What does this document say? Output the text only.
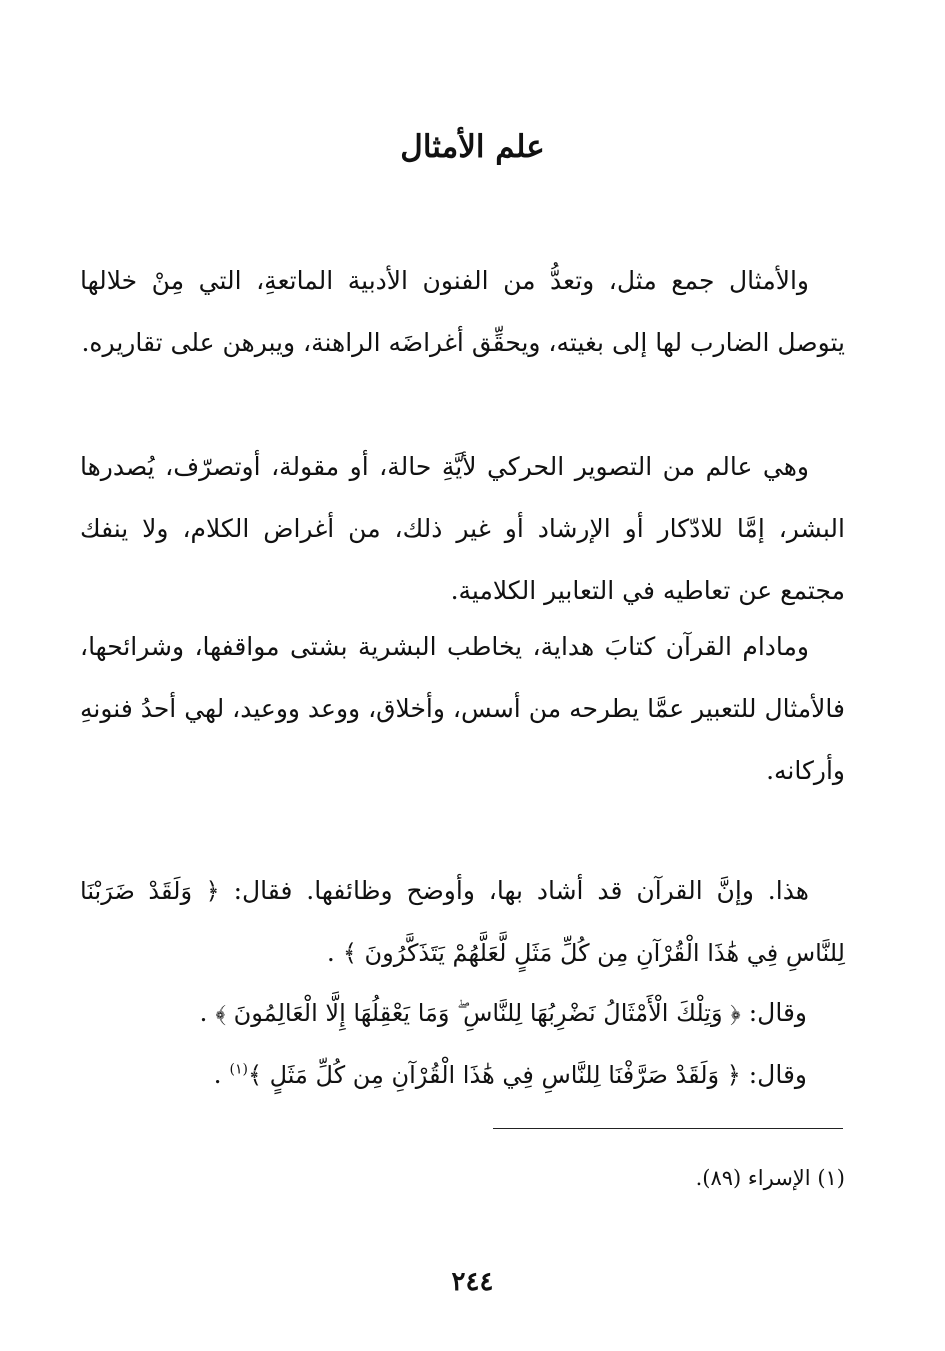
علم الأمثال

والأمثال جمع مثل، وتعدُّ من الفنون الأدبية الماتعةِ، التي مِنْ خلالها يتوصل الضارب لها إلى بغيته، ويحقِّق أغراضَه الراهنة، ويبرهن على تقاريره.

وهي عالم من التصوير الحركي لأيَّةِ حالة، أو مقولة، أوتصرّف، يُصدرها البشر، إمَّا للادّكار أو الإرشاد أو غير ذلك، من أغراض الكلام، ولا ينفك مجتمع عن تعاطيه في التعابير الكلامية.

ومادام القرآن كتابَ هداية، يخاطب البشرية بشتى مواقفها، وشرائحها، فالأمثال للتعبير عمَّا يطرحه من أسس، وأخلاق، ووعد ووعيد، لهي أحدُ فنونهِ وأركانه.

هذا. وإنَّ القرآن قد أشاد بها، وأوضح وظائفها. فقال: ﴿ وَلَقَدْ ضَرَبْنَا لِلنَّاسِ فِي هَٰذَا الْقُرْآنِ مِن كُلِّ مَثَلٍ لَّعَلَّهُمْ يَتَذَكَّرُونَ ﴾ .

وقال: ﴿ وَتِلْكَ الْأَمْثَالُ نَضْرِبُهَا لِلنَّاسِ ۖ وَمَا يَعْقِلُهَا إِلَّا الْعَالِمُونَ ﴾ .
وقال: ﴿ وَلَقَدْ صَرَّفْنَا لِلنَّاسِ فِي هَٰذَا الْقُرْآنِ مِن كُلِّ مَثَلٍ ﴾$^{(١)}$ .
(١) الإسراء (٨٩).
٢٤٤
